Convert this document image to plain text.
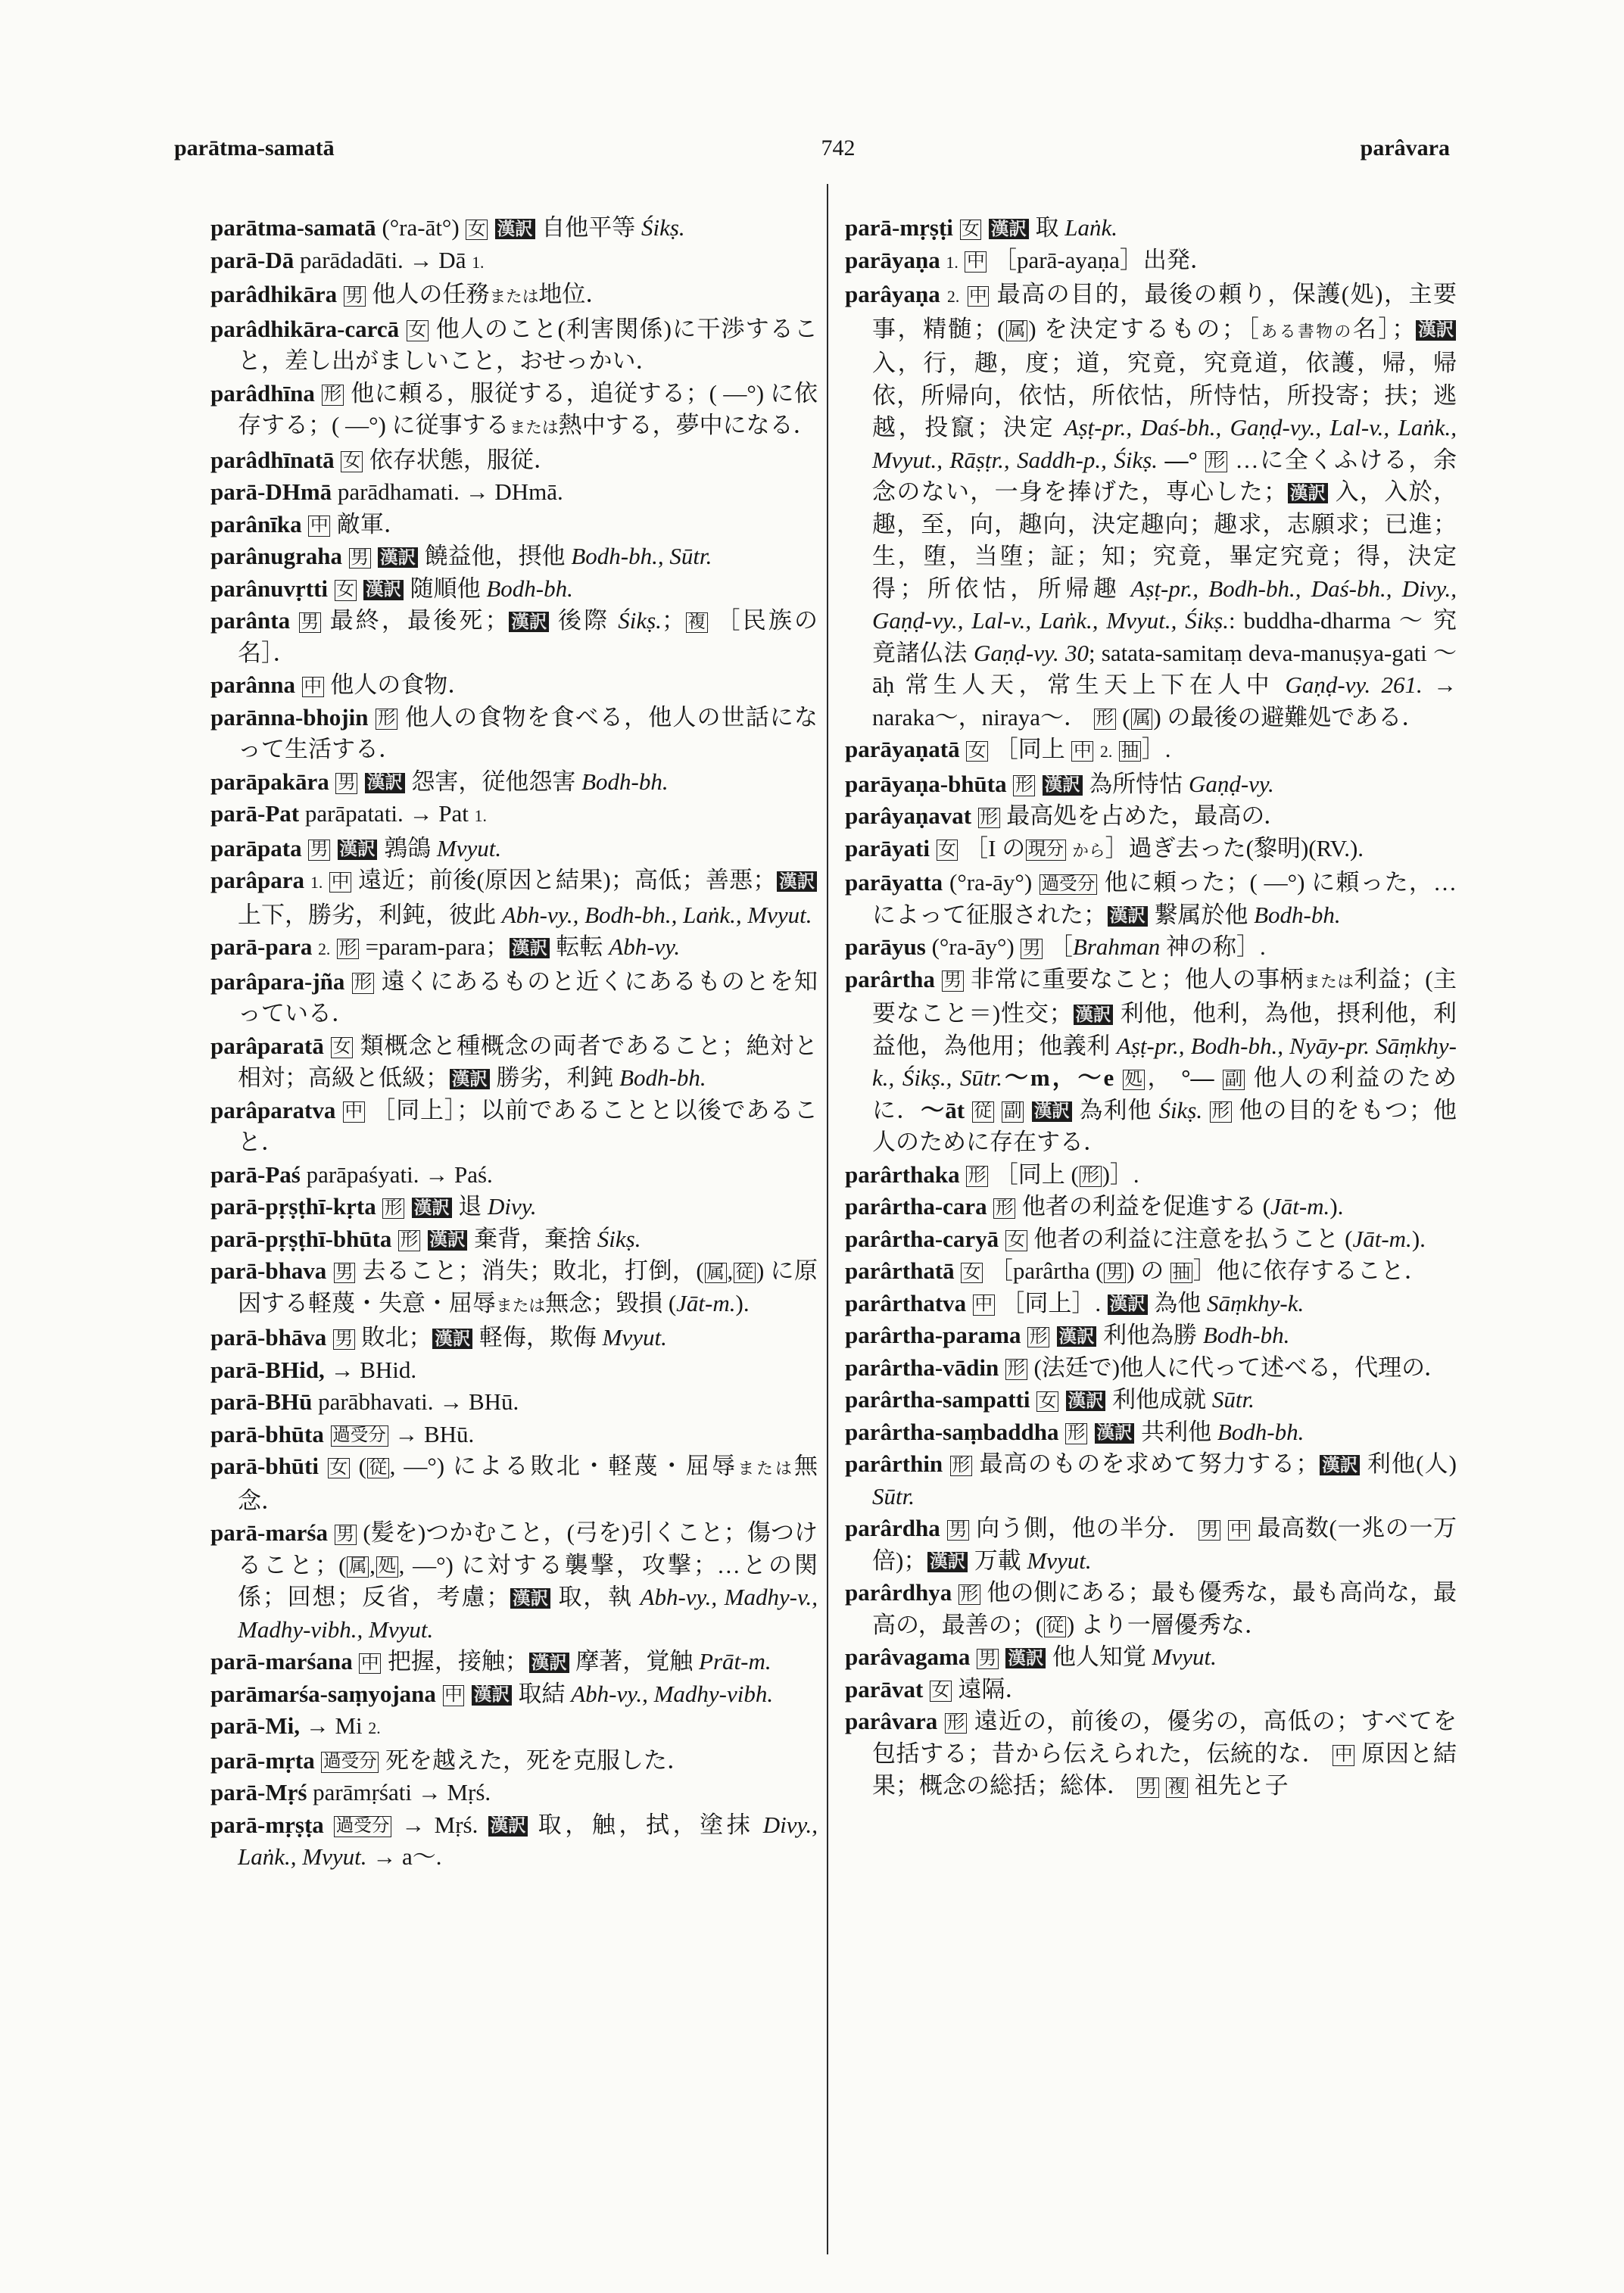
parātma-samatā	742	parâvara
parātma-samatā (°ra-āt°) 女 漢訳 自他平等 Śikṣ.
parā-Dā parādadāti. → Dā 1.
parâdhikāra 男 他人の任務または地位．
parâdhikāra-carcā 女 他人のこと(利害関係)に干渉すること，差し出がましいこと，おせっかい．
parâdhīna 形 他に頼る，服従する，追従する；( —°) に依存する；( —°) に従事するまたは熱中する，夢中になる．
parâdhīnatā 女 依存状態，服従．
parā-DHmā parādhamati. → DHmā.
parânīka 中 敵軍．
parânugraha 男 漢訳 饒益他，摂他 Bodh-bh., Sūtr.
parânuvṛtti 女 漢訳 随順他 Bodh-bh.
parânta 男 最終，最後死； 漢訳 後際 Śikṣ.； 複 ［民族の名］．
parânna 中 他人の食物．
parānna-bhojin 形 他人の食物を食べる，他人の世話になって生活する．
parāpakāra 男 漢訳 怨害，従他怨害 Bodh-bh.
parā-Pat parāpatati. → Pat 1.
parāpata 男 漢訳 鶉鴿 Mvyut.
parâpara 1. 中 遠近；前後(原因と結果)；高低；善悪； 漢訳 上下，勝劣，利鈍，彼此 Abh-vy., Bodh-bh., Laṅk., Mvyut.
parā-para 2. 形 =param-para； 漢訳 転転 Abh-vy.
parâpara-jña 形 遠くにあるものと近くにあるものとを知っている．
parâparatā 女 類概念と種概念の両者であること；絶対と相対；高級と低級； 漢訳 勝劣，利鈍 Bodh-bh.
parâparatva 中 ［同上］；以前であることと以後であること．
parā-Paś parāpaśyati. → Paś.
parā-pṛṣṭhī-kṛta 形 漢訳 退 Divy.
parā-pṛṣṭhī-bhūta 形 漢訳 棄背，棄捨 Śikṣ.
parā-bhava 男 去ること；消失；敗北，打倒，( 属 , 従 ) に原因する軽蔑・失意・屈辱または無念；毀損 (Jāt-m.).
parā-bhāva 男 敗北； 漢訳 軽侮，欺侮 Mvyut.
parā-BHid, → BHid.
parā-BHū parābhavati. → BHū.
parā-bhūta 過受分 → BHū.
parā-bhūti 女 ( 従 , —°) による敗北・軽蔑・屈辱または無念．
parā-marśa 男 (髪を)つかむこと，(弓を)引くこと；傷つけること；( 属 , 処 , —°) に対する襲撃，攻撃；…との関係；回想；反省，考慮； 漢訳 取，執 Abh-vy., Madhy-v., Madhy-vibh., Mvyut.
parā-marśana 中 把握，接触； 漢訳 摩著，覚触 Prāt-m.
parāmarśa-saṃyojana 中 漢訳 取結 Abh-vy., Madhy-vibh.
parā-Mi, → Mi 2.
parā-mṛta 過受分 死を越えた，死を克服した．
parā-Mṛś parāmṛśati → Mṛś.
parā-mṛṣṭa 過受分 → Mṛś. 漢訳 取，触，拭，塗抹 Divy., Laṅk., Mvyut. → a〜.
parā-mṛṣṭi 女 漢訳 取 Laṅk.
parāyaṇa 1. 中 ［parā-ayaṇa］出発．
parâyaṇa 2. 中 最高の目的，最後の頼り，保護(処)，主要事，精髄；( 属 ) を決定するもの；［ある書物の名］； 漢訳 入，行，趣，度；道，究竟，究竟道，依護，帰，帰依，所帰向，依怙，所依怙，所恃怙，所投寄；扶；逃越，投竄；決定 Aṣṭ-pr., Daś-bh., Gaṇḍ-vy., Lal-v., Laṅk., Mvyut., Rāṣṭr., Saddh-p., Śikṣ. —° 形 …に全くふける，余念のない，一身を捧げた，専心した； 漢訳 入，入於，趣，至，向，趣向，決定趣向；趣求，志願求；已進；生，堕，当堕；証；知；究竟，畢定究竟；得，決定得；所依怙，所帰趣 Aṣṭ-pr., Bodh-bh., Daś-bh., Divy., Gaṇḍ-vy., Lal-v., Laṅk., Mvyut., Śikṣ.: buddha-dharma 〜 究竟諸仏法 Gaṇḍ-vy. 30; satata-samitaṃ deva-manuṣya-gati 〜āḥ 常生人天，常生天上下在人中 Gaṇḍ-vy. 261. → naraka〜，niraya〜． 形 ( 属 ) の最後の避難処である．
parāyaṇatā 女 ［同上 中 2. 抽 ］.
parāyaṇa-bhūta 形 漢訳 為所恃怙 Gaṇḍ-vy.
parâyaṇavat 形 最高処を占めた，最高の．
parāyati 女 ［I の 現分 から］過ぎ去った(黎明)(RV.).
parāyatta (°ra-āy°) 過受分 他に頼った；( —°) に頼った，…によって征服された； 漢訳 繋属於他 Bodh-bh.
parāyus (°ra-āy°) 男 ［Brahman 神の称］.
parârtha 男 非常に重要なこと；他人の事柄または利益；(主要なこと＝)性交； 漢訳 利他，他利，為他，摂利他，利益他，為他用；他義利 Aṣṭ-pr., Bodh-bh., Nyāy-pr. Sāṃkhy-k., Śikṣ., Sūtr.〜m，〜e 処 ， °— 副 他人の利益のために．〜āt 従 副 漢訳 為利他 Śikṣ. 形 他の目的をもつ；他人のために存在する．
parârthaka 形 ［同上 ( 形 )］.
parârtha-cara 形 他者の利益を促進する (Jāt-m.).
parârtha-caryā 女 他者の利益に注意を払うこと (Jāt-m.).
parârthatā 女 ［parârtha ( 男 ) の 抽 ］他に依存すること．
parârthatva 中 ［同上］. 漢訳 為他 Sāṃkhy-k.
parârtha-parama 形 漢訳 利他為勝 Bodh-bh.
parârtha-vādin 形 (法廷で)他人に代って述べる，代理の．
parârtha-sampatti 女 漢訳 利他成就 Sūtr.
parârtha-saṃbaddha 形 漢訳 共利他 Bodh-bh.
parârthin 形 最高のものを求めて努力する； 漢訳 利他(人) Sūtr.
parârdha 男 向う側，他の半分． 男 中 最高数(一兆の一万倍)； 漢訳 万載 Mvyut.
parârdhya 形 他の側にある；最も優秀な，最も高尚な，最高の，最善の；( 従 ) より一層優秀な．
parâvagama 男 漢訳 他人知覚 Mvyut.
parāvat 女 遠隔．
parâvara 形 遠近の，前後の，優劣の，高低の；すべてを包括する；昔から伝えられた，伝統的な． 中 原因と結果；概念の総括；総体． 男 複 祖先と子
